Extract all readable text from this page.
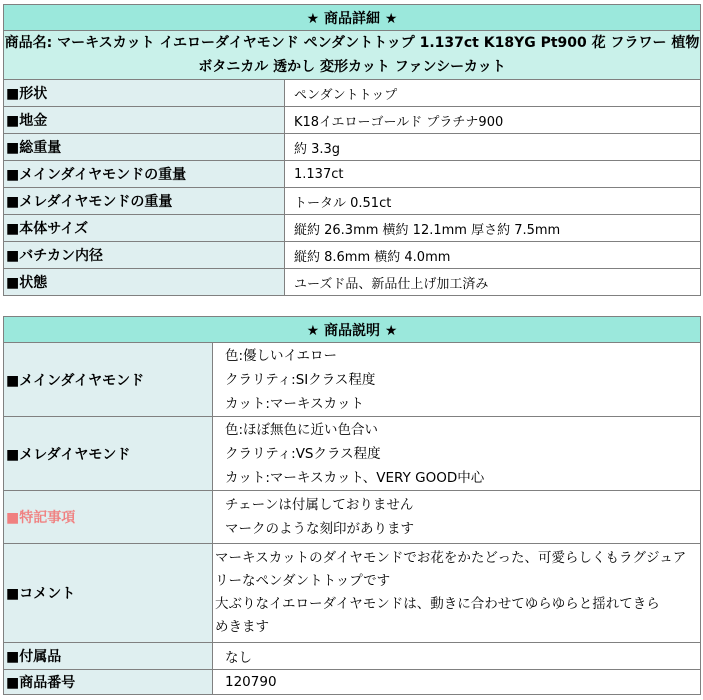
★ 商品詳細 ★	

商品名: マーキスカット イエローダイヤモンド ペンダントトップ 1.137ct K18YG Pt900 花 フラワー 植物
ボタニカル 透かし 変形カット ファンシーカット	

■形状	ペンダントトップ
■地金	K18イエローゴールド プラチナ900
■総重量	約 3.3g
■メインダイヤモンドの重量	1.137ct
■メレダイヤモンドの重量	トータル 0.51ct
■本体サイズ	縦約 26.3mm 横約 12.1mm 厚さ約 7.5mm
■バチカン内径	縦約 8.6mm 横約 4.0mm
■状態	ユーズド品、新品仕上げ加工済み
★ 商品説明 ★	
■メインダイヤモンド	色:優しいイエロー
クラリティ:SIクラス程度
カット:マーキスカット

■メレダイヤモンド	色:ほぼ無色に近い色合い
クラリティ:VSクラス程度
カット:マーキスカット、VERY GOOD中心

■特記事項	チェーンは付属しておりません
マークのような刻印があります

■コメント	マーキスカットのダイヤモンドでお花をかたどった、可愛らしくもラグジュア
リーなペンダントトップです
大ぶりなイエローダイヤモンドは、動きに合わせてゆらゆらと揺れてきら
めきます

■付属品	なし
■商品番号	120790
